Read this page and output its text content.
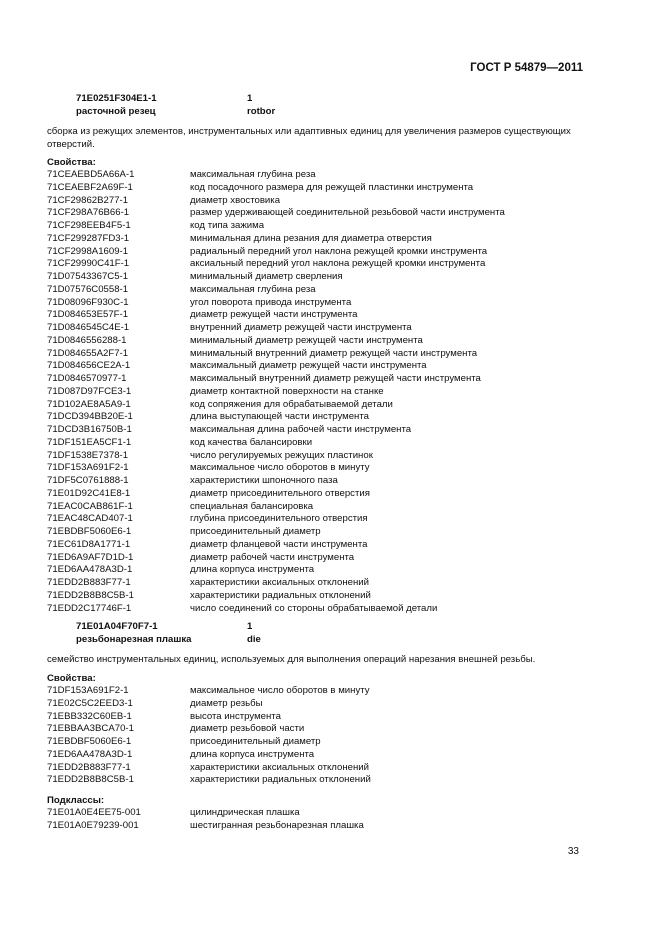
ГОСТ Р 54879—2011
71E0251F304E1-1	1
расточной резец	rotbor
сборка из режущих элементов, инструментальных или адаптивных единиц для увеличения размеров существующих отверстий.
Свойства:
71CEAEBD5A66A-1	максимальная глубина реза
71CEAEBF2A69F-1	код посадочного размера для режущей пластинки инструмента
71CF29862B277-1	диаметр хвостовика
71CF298A76B66-1	размер удерживающей соединительной резьбовой части инструмента
71CF298EEB4F5-1	код типа зажима
71CF299287FD3-1	минимальная длина резания для диаметра отверстия
71CF2998A1609-1	радиальный передний угол наклона режущей кромки инструмента
71CF29990C41F-1	аксиальный передний угол наклона режущей кромки инструмента
71D07543367C5-1	минимальный диаметр сверления
71D07576C0558-1	максимальная глубина реза
71D08096F930C-1	угол поворота привода инструмента
71D084653E57F-1	диаметр режущей части инструмента
71D0846545C4E-1	внутренний диаметр режущей части инструмента
71D0846556288-1	минимальный диаметр режущей части инструмента
71D084655A2F7-1	минимальный внутренний диаметр режущей части инструмента
71D084656CE2A-1	максимальный диаметр режущей части инструмента
71D0846570977-1	максимальный внутренний диаметр режущей части инструмента
71D087D97FCE3-1	диаметр контактной поверхности на станке
71D102AE8A5A9-1	код сопряжения для обрабатываемой детали
71DCD394BB20E-1	длина выступающей части инструмента
71DCD3B16750B-1	максимальная длина рабочей части инструмента
71DF151EA5CF1-1	код качества балансировки
71DF1538E7378-1	число регулируемых режущих пластинок
71DF153A691F2-1	максимальное число оборотов в минуту
71DF5C0761888-1	характеристики шпоночного паза
71E01D92C41E8-1	диаметр присоединительного отверстия
71EAC0CAB861F-1	специальная балансировка
71EAC48CAD407-1	глубина присоединительного отверстия
71EBDBF5060E6-1	присоединительный диаметр
71EC61D8A1771-1	диаметр фланцевой части инструмента
71ED6A9AF7D1D-1	диаметр рабочей части инструмента
71ED6AA478A3D-1	длина корпуса инструмента
71EDD2B883F77-1	характеристики аксиальных отклонений
71EDD2B8B8C5B-1	характеристики радиальных отклонений
71EDD2C17746F-1	число соединений со стороны обрабатываемой детали
71E01A04F70F7-1	1
резьбонарезная плашка	die
семейство инструментальных единиц, используемых для выполнения операций нарезания внешней резьбы.
Свойства:
71DF153A691F2-1	максимальное число оборотов в минуту
71E02C5C2EED3-1	диаметр резьбы
71EBB332C60EB-1	высота инструмента
71EBBAA3BCA70-1	диаметр резьбовой части
71EBDBF5060E6-1	присоединительный диаметр
71ED6AA478A3D-1	длина корпуса инструмента
71EDD2B883F77-1	характеристики аксиальных отклонений
71EDD2B8B8C5B-1	характеристики радиальных отклонений
Подклассы:
71E01A0E4EE75-001	цилиндрическая плашка
71E01A0E79239-001	шестигранная резьбонарезная плашка
33
